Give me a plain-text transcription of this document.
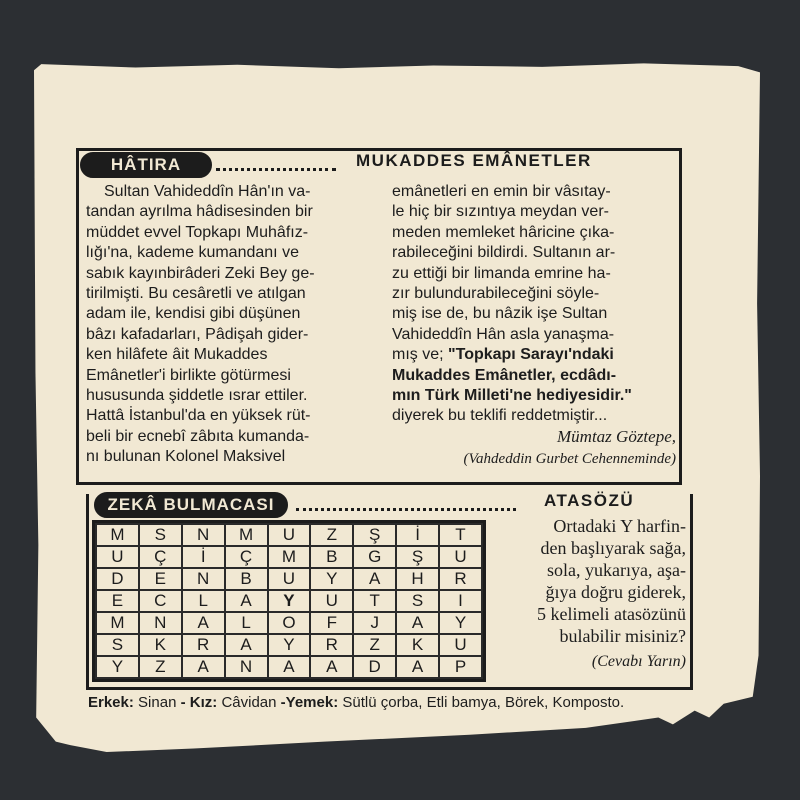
HÂTIRA	MUKADDES EMÂNETLER

Sultan Vahideddîn Hân'ın va-

tandan ayrılma hâdisesinden bir

müddet evvel Topkapı Muhâfız-

lığı'na, kademe kumandanı ve

sabık kayınbirâderi Zeki Bey ge-

tirilmişti. Bu cesâretli ve atılgan

adam ile, kendisi gibi düşünen

bâzı kafadarları, Pâdişah gider-

ken hilâfete âit Mukaddes

Emânetler'i birlikte götürmesi

hususunda şiddetle ısrar ettiler.

Hattâ İstanbul'da en yüksek rüt-

beli bir ecnebî zâbıta kumanda-

nı bulunan Kolonel Maksivel

emânetleri en emin bir vâsıtay-

le hiç bir sızıntıya meydan ver-

meden memleket hâricine çıka-

rabileceğini bildirdi. Sultanın ar-

zu ettiği bir limanda emrine ha-

zır bulundurabileceğini söyle-

miş ise de, bu nâzik işe Sultan

Vahideddîn Hân asla yanaşma-

mış ve; "Topkapı Sarayı'ndaki

Mukaddes Emânetler, ecdâdı-

mın Türk Milleti'ne hediyesidir."

diyerek bu teklifi reddetmiştir...

Mümtaz Göztepe,

(Vahdeddin Gurbet Cehenneminde)

ZEKÂ BULMACASI	ATASÖZÜ
M	S	N	M	U	Z	Ş	İ	T
U	Ç	İ	Ç	M	B	G	Ş	U
D	E	N	B	U	Y	A	H	R
E	C	L	A	Y	U	T	S	I
M	N	A	L	O	F	J	A	Y
S	K	R	A	Y	R	Z	K	U
Y	Z	A	N	A	A	D	A	P
Ortadaki Y harfin-
den başlıyarak sağa,
sola, yukarıya, aşa-
ğıya doğru giderek,
5 kelimeli atasözünü
bulabilir misiniz?
(Cevabı Yarın)
Erkek: Sinan - Kız: Câvidan -Yemek: Sütlü çorba, Etli bamya, Börek, Komposto.
